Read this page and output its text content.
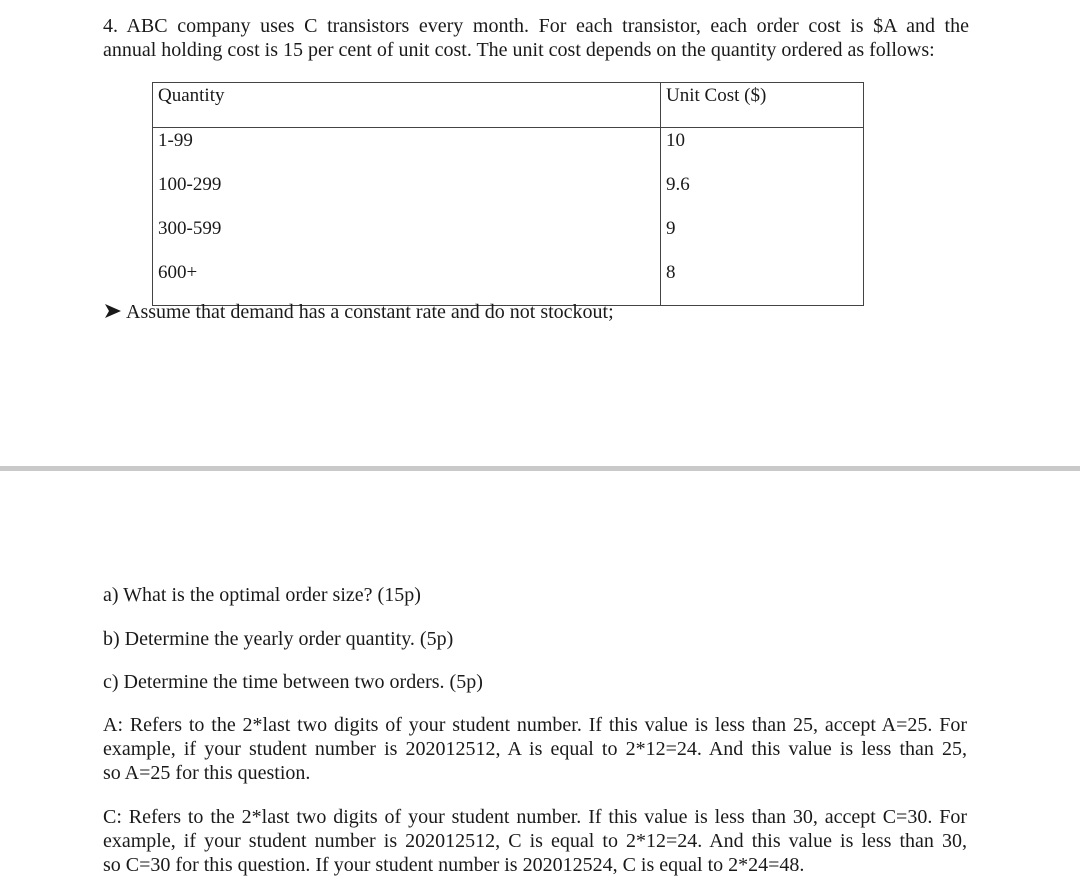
4. ABC company uses C transistors every month. For each transistor, each order cost is $A and the
annual holding cost is 15 per cent of unit cost. The unit cost depends on the quantity ordered as follows:
Quantity	Unit Cost ($)
1-99	10
100-299	9.6
300-599	9
600+	8
Assume that demand has a constant rate and do not stockout;
a) What is the optimal order size? (15p)
b) Determine the yearly order quantity. (5p)
c) Determine the time between two orders. (5p)
A: Refers to the 2*last two digits of your student number. If this value is less than 25, accept A=25. For
example, if your student number is 202012512, A is equal to 2*12=24. And this value is less than 25,
so A=25 for this question.
C: Refers to the 2*last two digits of your student number. If this value is less than 30, accept C=30. For
example, if your student number is 202012512, C is equal to 2*12=24. And this value is less than 30,
so C=30 for this question. If your student number is 202012524, C is equal to 2*24=48.
